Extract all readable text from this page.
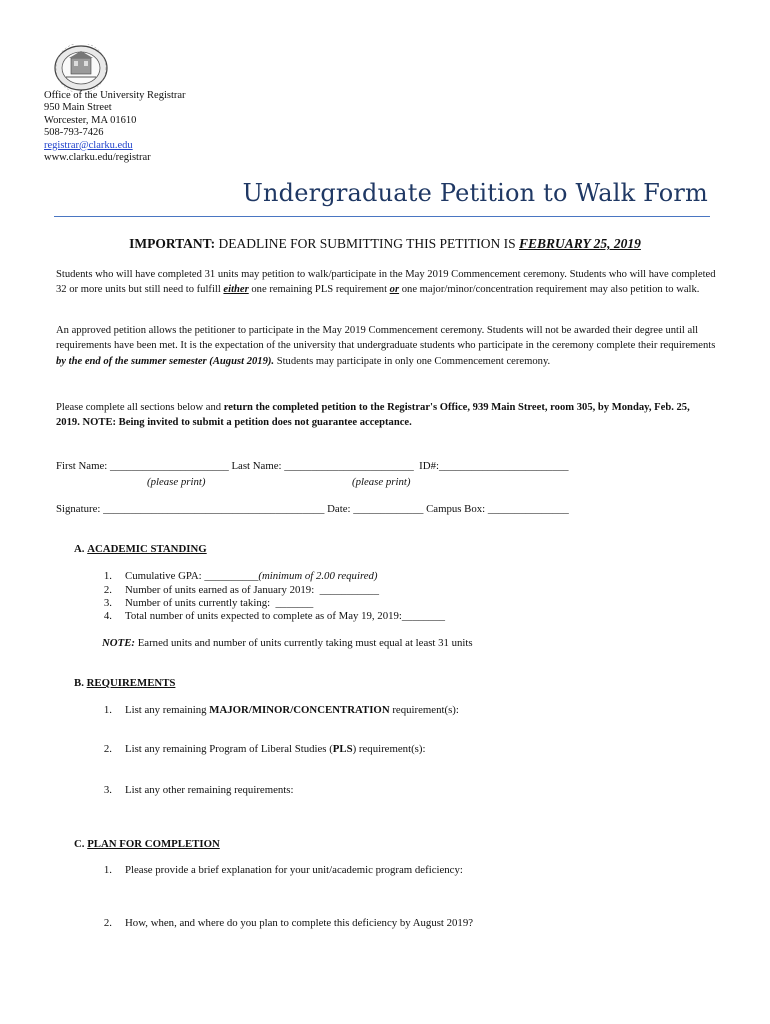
Office of the University Registrar
950 Main Street
Worcester, MA 01610
508-793-7426
registrar@clarku.edu
www.clarku.edu/registrar
Undergraduate Petition to Walk Form
IMPORTANT: DEADLINE FOR SUBMITTING THIS PETITION IS FEBRUARY 25, 2019
Students who will have completed 31 units may petition to walk/participate in the May 2019 Commencement ceremony. Students who will have completed 32 or more units but still need to fulfill either one remaining PLS requirement or one major/minor/concentration requirement may also petition to walk.
An approved petition allows the petitioner to participate in the May 2019 Commencement ceremony. Students will not be awarded their degree until all requirements have been met. It is the expectation of the university that undergraduate students who participate in the ceremony complete their requirements by the end of the summer semester (August 2019). Students may participate in only one Commencement ceremony.
Please complete all sections below and return the completed petition to the Registrar's Office, 939 Main Street, room 305, by Monday, Feb. 25, 2019. NOTE: Being invited to submit a petition does not guarantee acceptance.
First Name: ______________________ Last Name: ________________________  ID#:________________________
(please print)	(please print)
Signature: _________________________________________ Date: _____________ Campus Box: _______________
A. ACADEMIC STANDING
1. Cumulative GPA: __________(minimum of 2.00 required)
2. Number of units earned as of January 2019:  ___________
3. Number of units currently taking:  _______
4. Total number of units expected to complete as of May 19, 2019:________
NOTE: Earned units and number of units currently taking must equal at least 31 units
B. REQUIREMENTS
1. List any remaining MAJOR/MINOR/CONCENTRATION requirement(s):
2. List any remaining Program of Liberal Studies (PLS) requirement(s):
3. List any other remaining requirements:
C. PLAN FOR COMPLETION
1. Please provide a brief explanation for your unit/academic program deficiency:
2. How, when, and where do you plan to complete this deficiency by August 2019?
